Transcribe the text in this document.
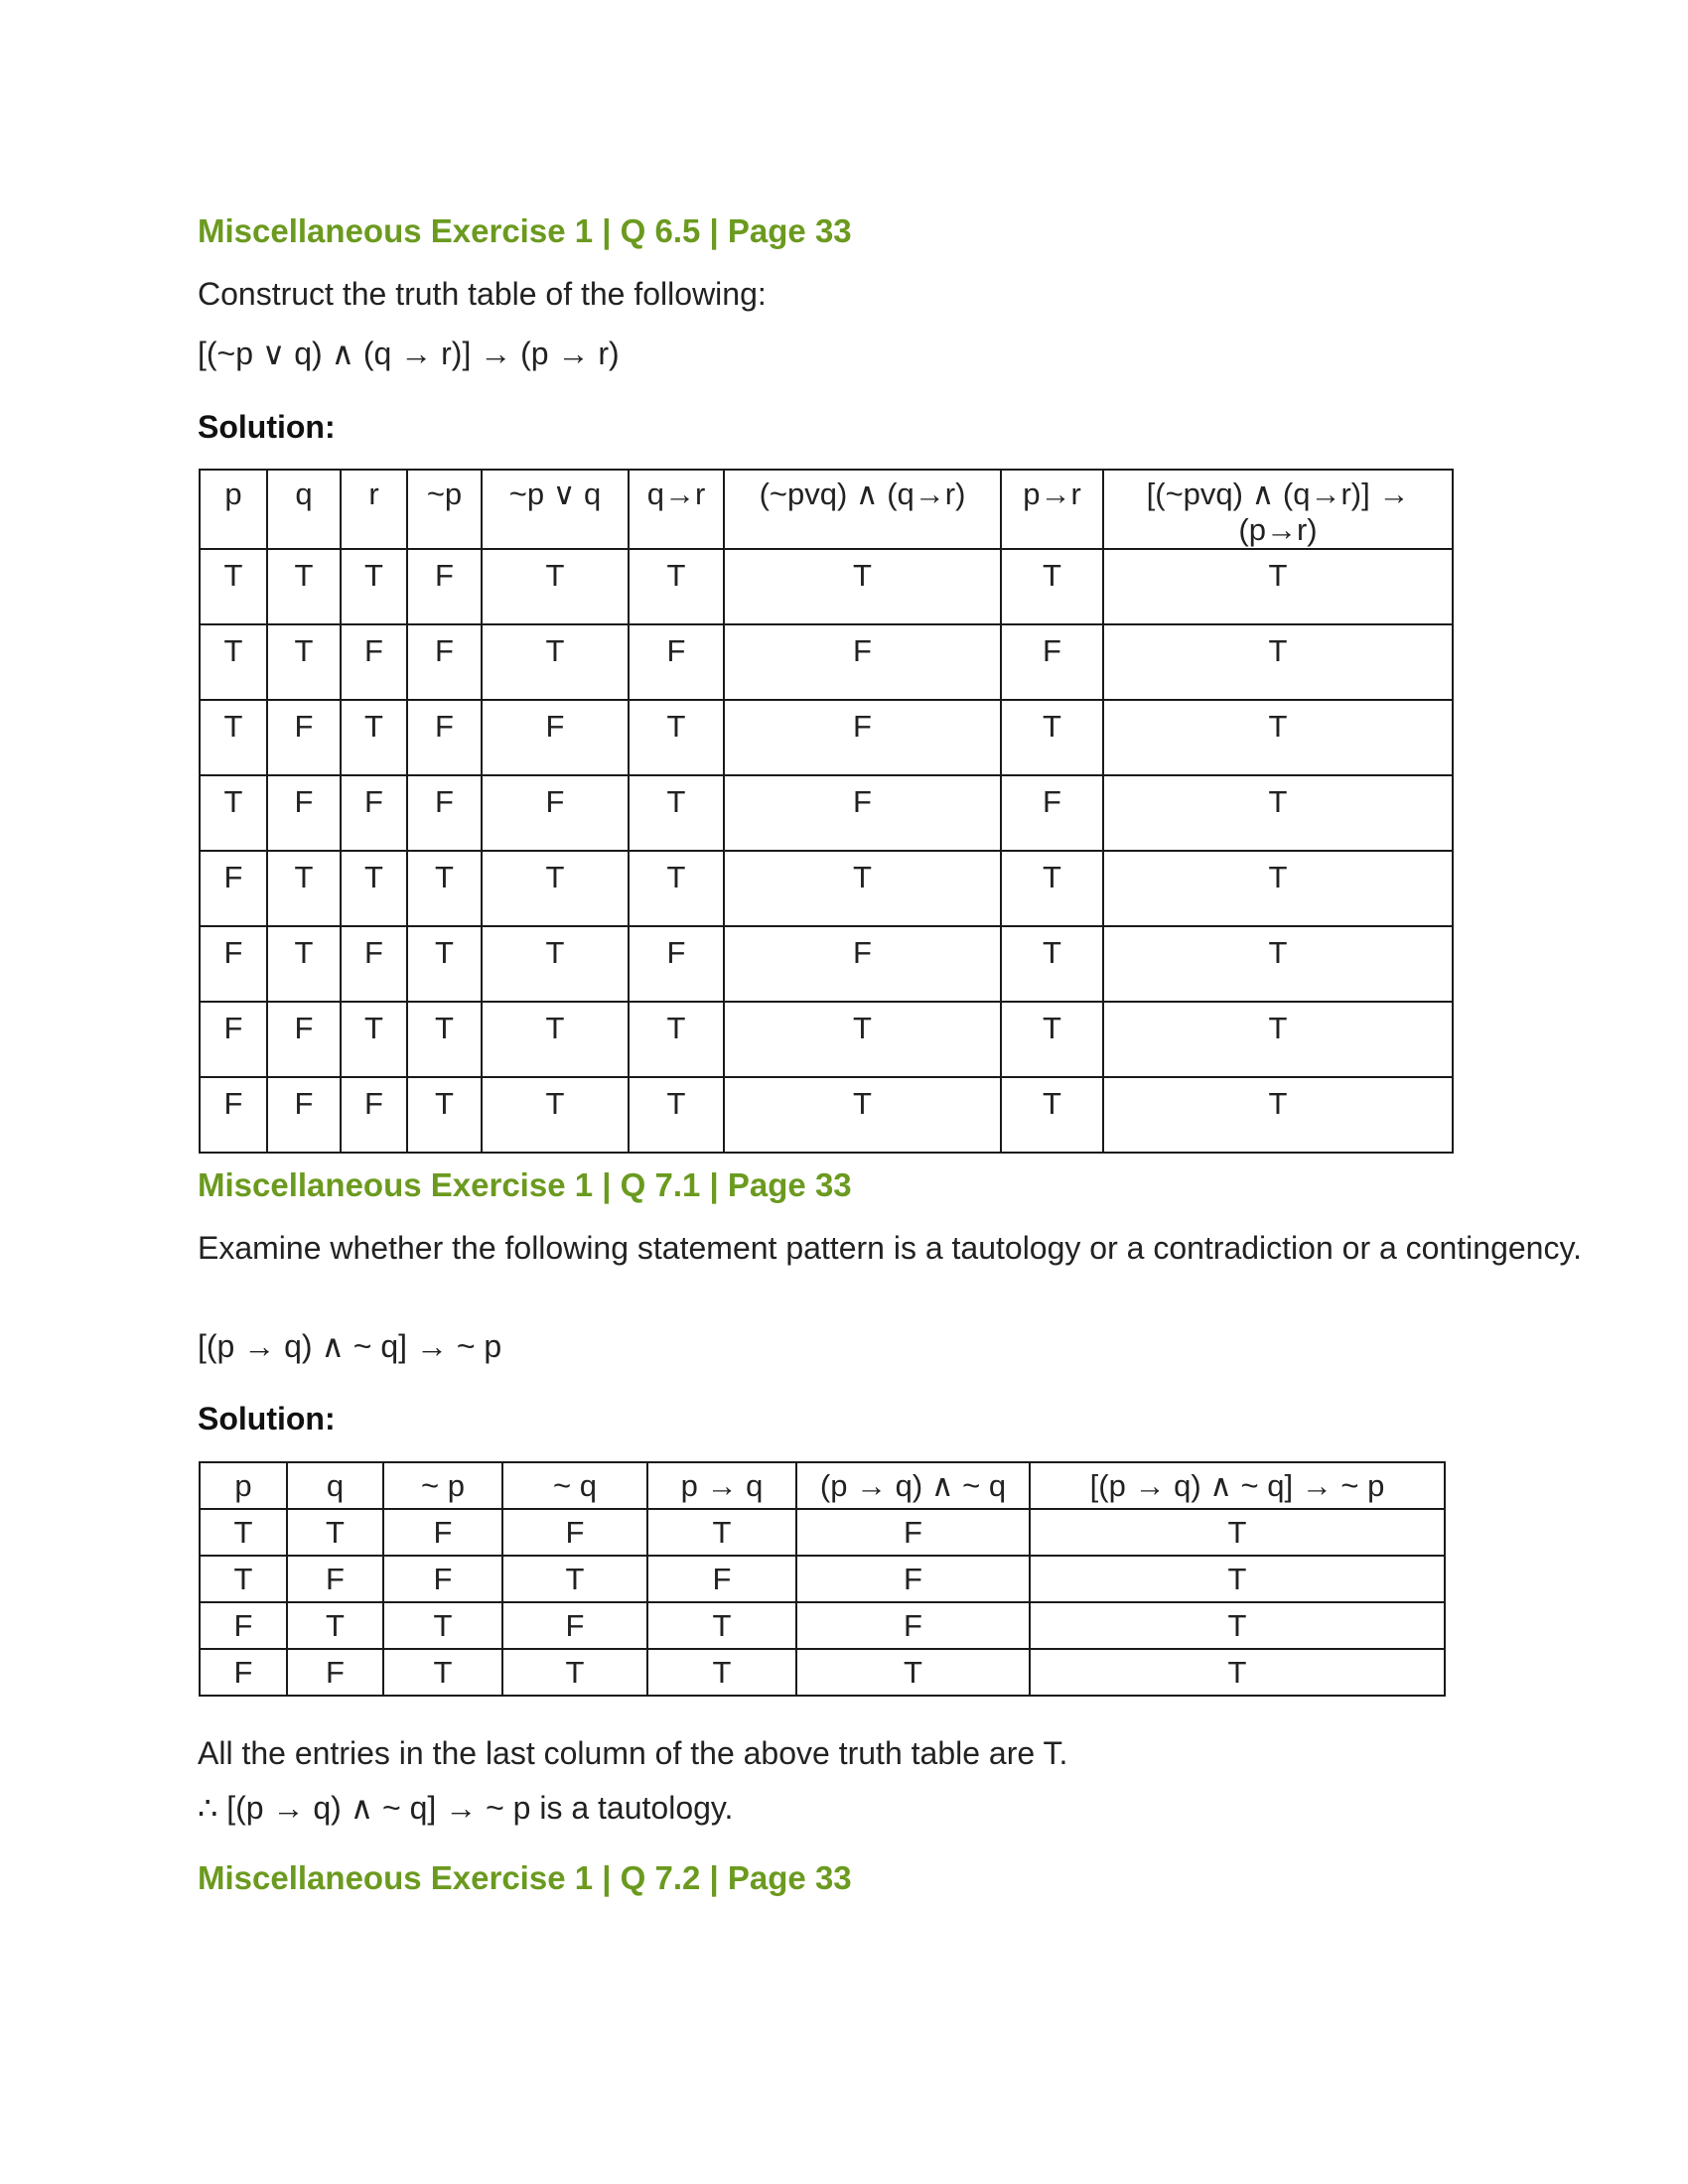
Miscellaneous Exercise 1 | Q 6.5 | Page 33

Construct the truth table of the following:

[(~p ∨ q) ∧ (q → r)] → (p → r)

Solution:

p	q	r	~p	~p ∨ q	q→r	(~pvq) ∧ (q→r)	p→r	[(~pvq) ∧ (q→r)] → (p→r)
T	T	T	F	T	T	T	T	T
T	T	F	F	T	F	F	F	T
T	F	T	F	F	T	F	T	T
T	F	F	F	F	T	F	F	T
F	T	T	T	T	T	T	T	T
F	T	F	T	T	F	F	T	T
F	F	T	T	T	T	T	T	T
F	F	F	T	T	T	T	T	T
Miscellaneous Exercise 1 | Q 7.1 | Page 33

Examine whether the following statement pattern is a tautology or a contradiction or a contingency.

[(p → q) ∧ ~ q] → ~ p

Solution:

p	q	~ p	~ q	p → q	(p → q) ∧ ~ q	[(p → q) ∧ ~ q] → ~ p
T	T	F	F	T	F	T
T	F	F	T	F	F	T
F	T	T	F	T	F	T
F	F	T	T	T	T	T

All the entries in the last column of the above truth table are T.

∴ [(p → q) ∧ ~ q] → ~ p is a tautology.

Miscellaneous Exercise 1 | Q 7.2 | Page 33
